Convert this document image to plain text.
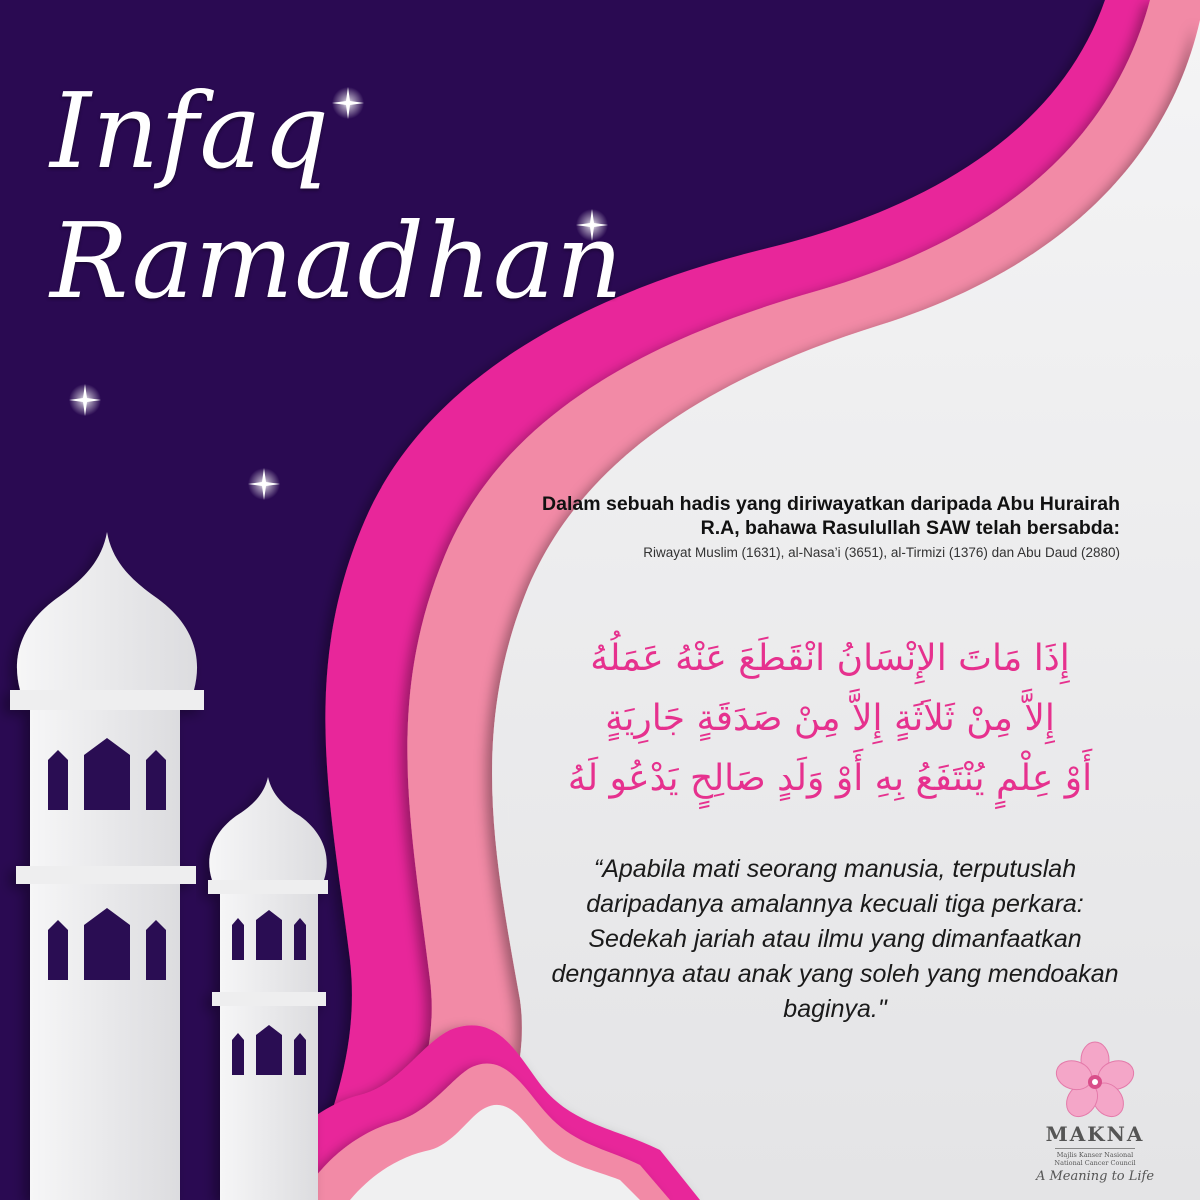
Infaq
Ramadhan
Dalam sebuah hadis yang diriwayatkan daripada Abu Hurairah R.A, bahawa Rasulullah SAW telah bersabda:
Riwayat Muslim (1631), al-Nasa’i (3651), al-Tirmizi (1376) dan Abu Daud (2880)
إِذَا مَاتَ الإِنْسَانُ انْقَطَعَ عَنْهُ عَمَلُهُ
إِلاَّ مِنْ ثَلاَثَةٍ إِلاَّ مِنْ صَدَقَةٍ جَارِيَةٍ
أَوْ عِلْمٍ يُنْتَفَعُ بِهِ أَوْ وَلَدٍ صَالِحٍ يَدْعُو لَهُ
“Apabila mati seorang manusia, terputuslah daripadanya amalannya kecuali tiga perkara: Sedekah jariah atau ilmu yang dimanfaatkan dengannya atau anak yang soleh yang mendoakan baginya."
MAKNA
Majlis Kanser Nasional
National Cancer Council
A Meaning to Life
